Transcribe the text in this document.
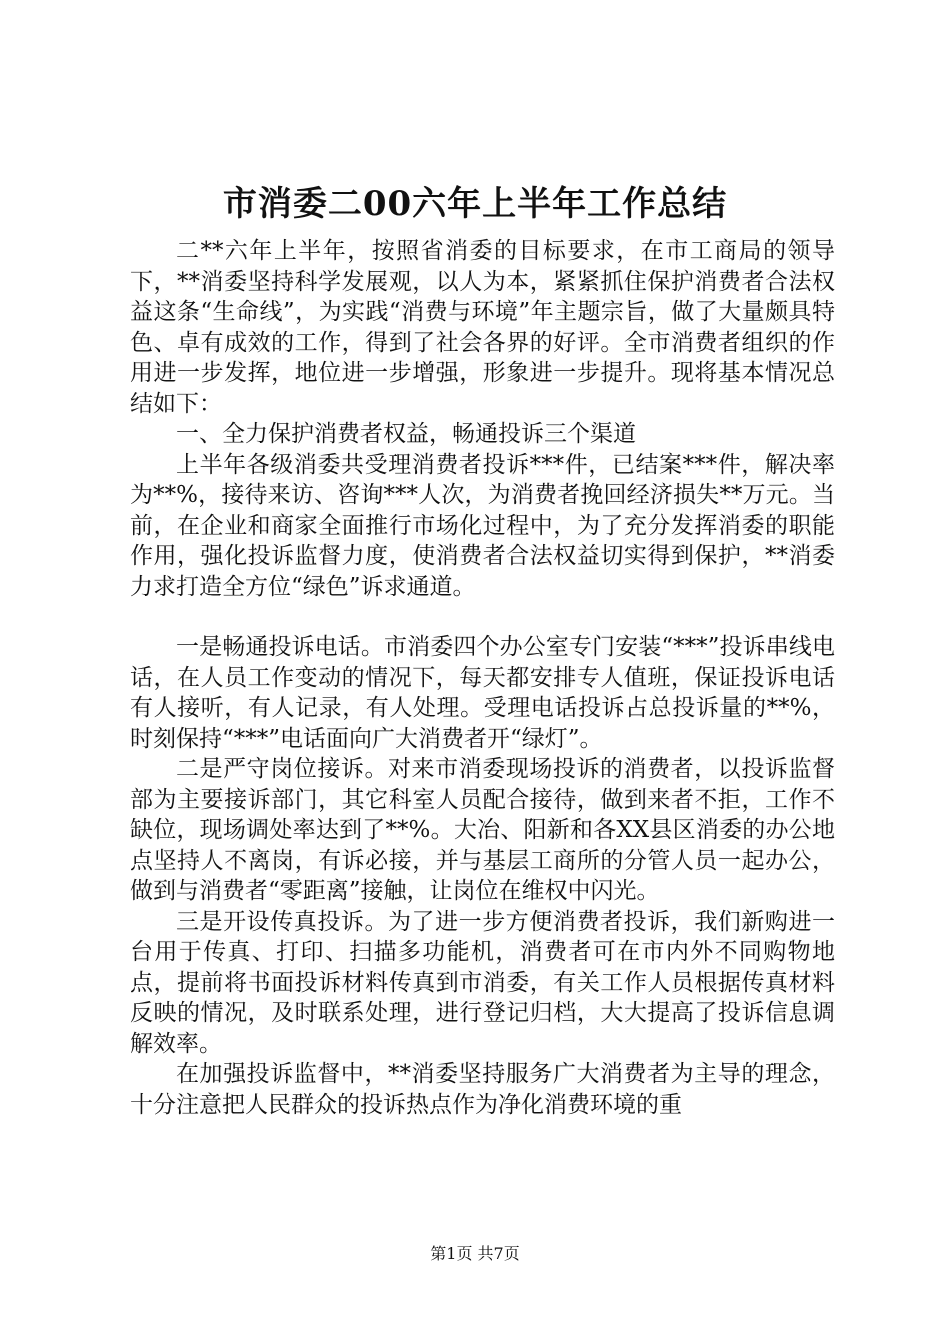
市消委二00六年上半年工作总结

二**六年上半年，按照省消委的目标要求，在市工商局的领导下，**消委坚持科学发展观，以人为本，紧紧抓住保护消费者合法权益这条“生命线”，为实践“消费与环境”年主题宗旨，做了大量颇具特色、卓有成效的工作，得到了社会各界的好评。全市消费者组织的作用进一步发挥，地位进一步增强，形象进一步提升。现将基本情况总结如下：

一、全力保护消费者权益，畅通投诉三个渠道

上半年各级消委共受理消费者投诉***件，已结案***件，解决率为**%，接待来访、咨询***人次，为消费者挽回经济损失**万元。当前，在企业和商家全面推行市场化过程中，为了充分发挥消委的职能作用，强化投诉监督力度，使消费者合法权益切实得到保护，**消委力求打造全方位“绿色”诉求通道。

一是畅通投诉电话。市消委四个办公室专门安装“***”投诉串线电话，在人员工作变动的情况下，每天都安排专人值班，保证投诉电话有人接听，有人记录，有人处理。受理电话投诉占总投诉量的**%，时刻保持“***”电话面向广大消费者开“绿灯”。

二是严守岗位接诉。对来市消委现场投诉的消费者，以投诉监督部为主要接诉部门，其它科室人员配合接待，做到来者不拒，工作不缺位，现场调处率达到了**%。大冶、阳新和各XX县区消委的办公地点坚持人不离岗，有诉必接，并与基层工商所的分管人员一起办公，做到与消费者“零距离”接触，让岗位在维权中闪光。

三是开设传真投诉。为了进一步方便消费者投诉，我们新购进一台用于传真、打印、扫描多功能机，消费者可在市内外不同购物地点，提前将书面投诉材料传真到市消委，有关工作人员根据传真材料反映的情况，及时联系处理，进行登记归档，大大提高了投诉信息调解效率。

在加强投诉监督中，**消委坚持服务广大消费者为主导的理念，十分注意把人民群众的投诉热点作为净化消费环境的重

第1页 共7页
